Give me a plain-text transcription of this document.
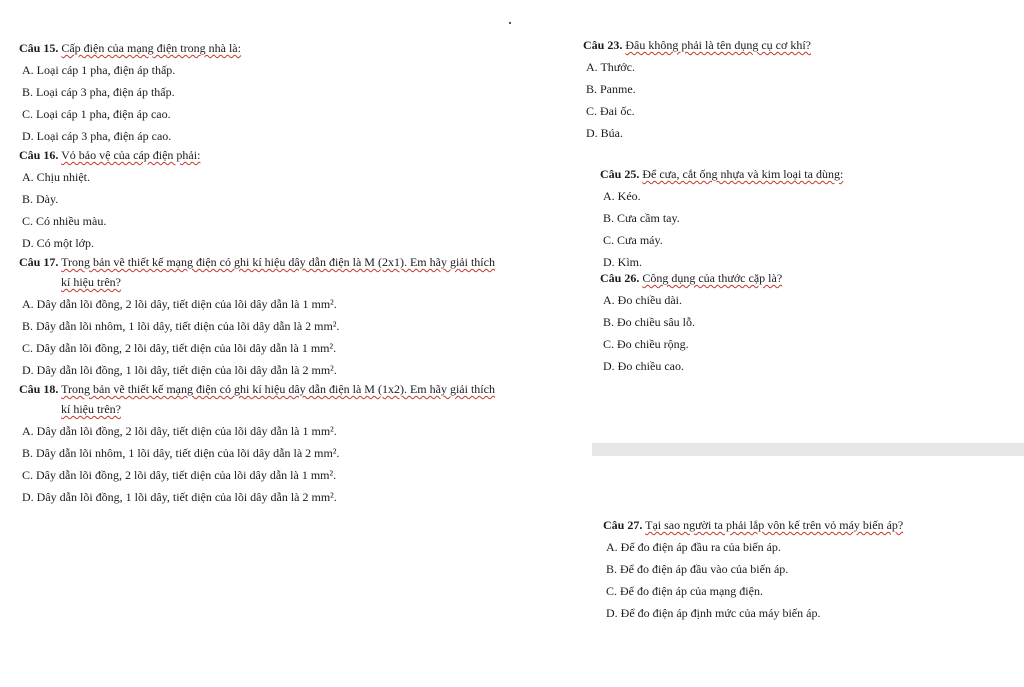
Câu 15. Cấp điện của mạng điện trong nhà là:
A. Loại cáp 1 pha, điện áp thấp.
B. Loại cáp 3 pha, điện áp thấp.
C. Loại cáp 1 pha, điện áp cao.
D. Loại cáp 3 pha, điện áp cao.
Câu 16. Vỏ bảo vệ của cáp điện phải:
A. Chịu nhiệt.
B. Dày.
C. Có nhiều màu.
D. Có một lớp.
Câu 17. Trong bản vẽ thiết kế mạng điện có ghi kí hiệu dây dẫn điện là M (2x1). Em hãy giải thích
kí hiệu trên?
A. Dây dẫn lõi đồng, 2 lõi dây, tiết diện của lõi dây dẫn là 1 mm².
B. Dây dẫn lõi nhôm, 1 lõi dây, tiết diện của lõi dây dẫn là 2 mm².
C. Dây dẫn lõi đồng, 2 lõi dây, tiết diện của lõi dây dẫn là 1 mm².
D. Dây dẫn lõi đồng, 1 lõi dây, tiết diện của lõi dây dẫn là 2 mm².
Câu 18. Trong bản vẽ thiết kế mạng điện có ghi kí hiệu dây dẫn điện là M (1x2). Em hãy giải thích
kí hiệu trên?
A. Dây dẫn lõi đồng, 2 lõi dây, tiết diện của lõi dây dẫn là 1 mm².
B. Dây dẫn lõi nhôm, 1 lõi dây, tiết diện của lõi dây dẫn là 2 mm².
C. Dây dẫn lõi đồng, 2 lõi dây, tiết diện của lõi dây dẫn là 1 mm².
D. Dây dẫn lõi đồng, 1 lõi dây, tiết diện của lõi dây dẫn là 2 mm².
Câu 23. Đâu không phải là tên dụng cụ cơ khí?
A. Thước.
B. Panme.
C. Đai ốc.
D. Búa.
Câu 25. Để cưa, cắt ống nhựa và kim loại ta dùng:
A. Kéo.
B. Cưa cầm tay.
C. Cưa máy.
D. Kìm.
Câu 26. Công dụng của thước cặp là?
A. Đo chiều dài.
B. Đo chiều sâu lỗ.
C. Đo chiều rộng.
D. Đo chiều cao.
Câu 27. Tại sao người ta phải lắp vôn kế trên vỏ máy biến áp?
A. Để đo điện áp đầu ra của biến áp.
B. Để đo điện áp đầu vào của biến áp.
C. Để đo điện áp của mạng điện.
D. Để đo điện áp định mức của máy biến áp.
